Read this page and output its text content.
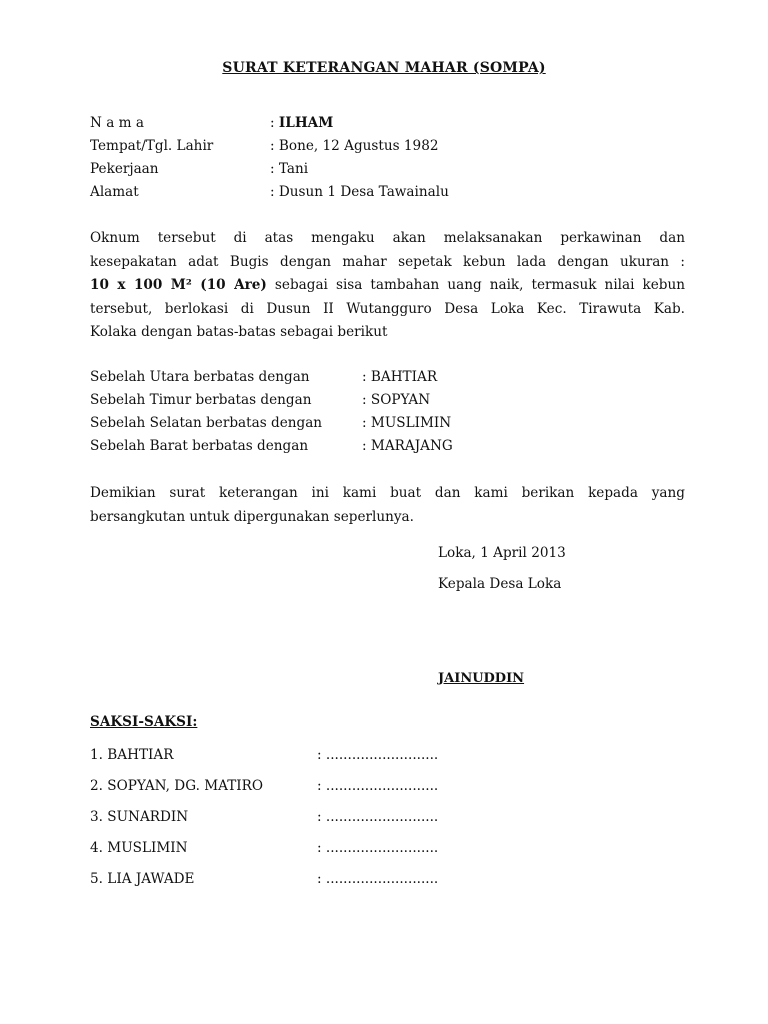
SURAT KETERANGAN MAHAR (SOMPA)
N a m a	: ILHAM
Tempat/Tgl. Lahir	: Bone, 12 Agustus 1982
Pekerjaan	: Tani
Alamat	: Dusun 1 Desa Tawainalu
Oknum tersebut di atas mengaku akan melaksanakan perkawinan dan
kesepakatan adat Bugis dengan mahar sepetak kebun lada dengan ukuran :
10 x 100 M² (10 Are) sebagai sisa tambahan uang naik, termasuk nilai kebun
tersebut, berlokasi di Dusun II Wutangguro Desa Loka Kec. Tirawuta Kab.
Kolaka dengan batas-batas sebagai berikut
Sebelah Utara berbatas dengan	: BAHTIAR
Sebelah Timur berbatas dengan	: SOPYAN
Sebelah Selatan berbatas dengan	: MUSLIMIN
Sebelah Barat berbatas dengan	: MARAJANG
Demikian surat keterangan ini kami buat dan kami berikan kepada yang
bersangkutan untuk dipergunakan seperlunya.
Loka, 1 April 2013
Kepala Desa Loka
JAINUDDIN
SAKSI-SAKSI:
1. BAHTIAR	: ..........................
2. SOPYAN, DG. MATIRO	: ..........................
3. SUNARDIN	: ..........................
4. MUSLIMIN	: ..........................
5. LIA JAWADE	: ..........................
